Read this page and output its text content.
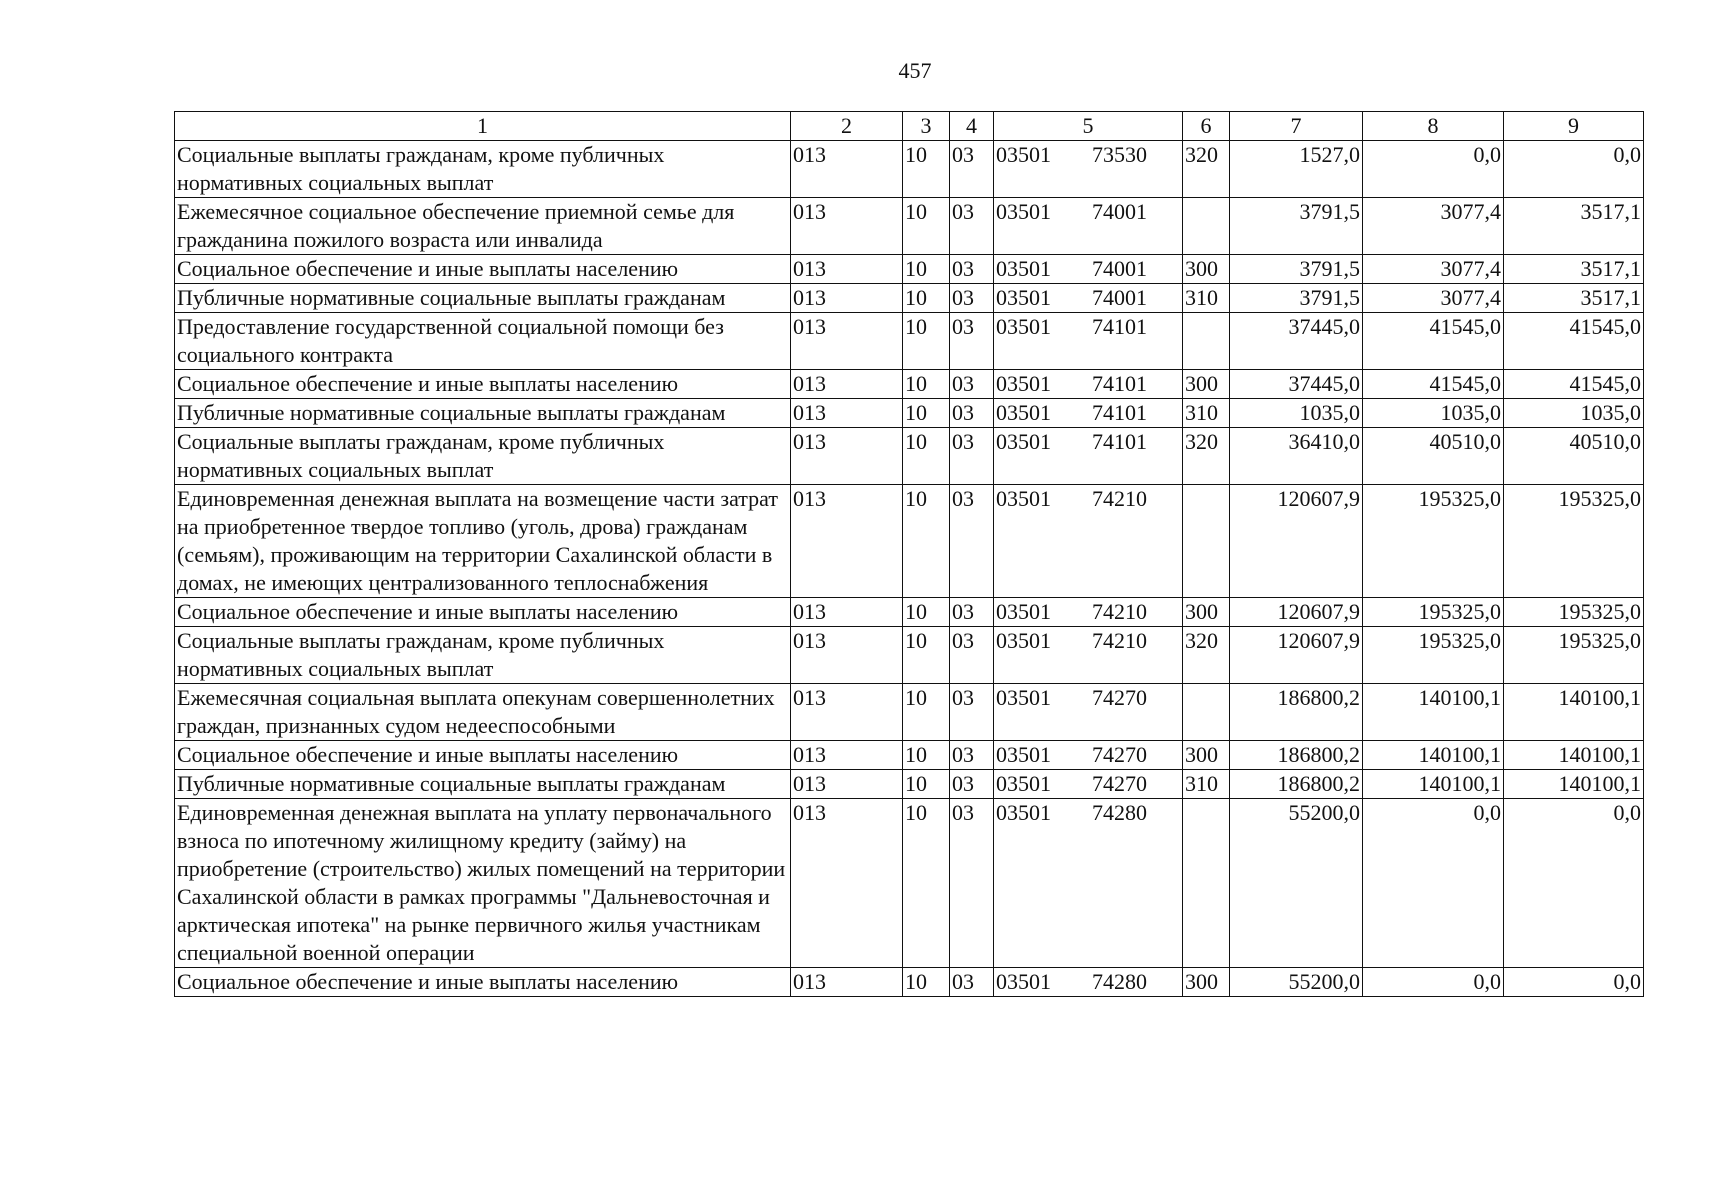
457
1	2	3	4	5	6	7	8	9
Социальные выплаты гражданам, кроме публичных нормативных социальных выплат	013	10	03	03501 73530	320	1527,0	0,0	0,0
Ежемесячное социальное обеспечение приемной семье для гражданина пожилого возраста или инвалида	013	10	03	03501 74001		3791,5	3077,4	3517,1
Социальное обеспечение и иные выплаты населению	013	10	03	03501 74001	300	3791,5	3077,4	3517,1
Публичные нормативные социальные выплаты гражданам	013	10	03	03501 74001	310	3791,5	3077,4	3517,1
Предоставление государственной социальной помощи без социального контракта	013	10	03	03501 74101		37445,0	41545,0	41545,0
Социальное обеспечение и иные выплаты населению	013	10	03	03501 74101	300	37445,0	41545,0	41545,0
Публичные нормативные социальные выплаты гражданам	013	10	03	03501 74101	310	1035,0	1035,0	1035,0
Социальные выплаты гражданам, кроме публичных нормативных социальных выплат	013	10	03	03501 74101	320	36410,0	40510,0	40510,0
Единовременная денежная выплата на возмещение части затрат на приобретенное твердое топливо (уголь, дрова) гражданам (семьям), проживающим на территории Сахалинской области в домах, не имеющих централизованного теплоснабжения	013	10	03	03501 74210		120607,9	195325,0	195325,0
Социальное обеспечение и иные выплаты населению	013	10	03	03501 74210	300	120607,9	195325,0	195325,0
Социальные выплаты гражданам, кроме публичных нормативных социальных выплат	013	10	03	03501 74210	320	120607,9	195325,0	195325,0
Ежемесячная социальная выплата опекунам совершеннолетних граждан, признанных судом недееспособными	013	10	03	03501 74270		186800,2	140100,1	140100,1
Социальное обеспечение и иные выплаты населению	013	10	03	03501 74270	300	186800,2	140100,1	140100,1
Публичные нормативные социальные выплаты гражданам	013	10	03	03501 74270	310	186800,2	140100,1	140100,1
Единовременная денежная выплата на уплату первоначального взноса по ипотечному жилищному кредиту (займу) на приобретение (строительство) жилых помещений на территории Сахалинской области в рамках программы "Дальневосточная и арктическая ипотека" на рынке первичного жилья участникам специальной военной операции	013	10	03	03501 74280		55200,0	0,0	0,0
Социальное обеспечение и иные выплаты населению	013	10	03	03501 74280	300	55200,0	0,0	0,0
